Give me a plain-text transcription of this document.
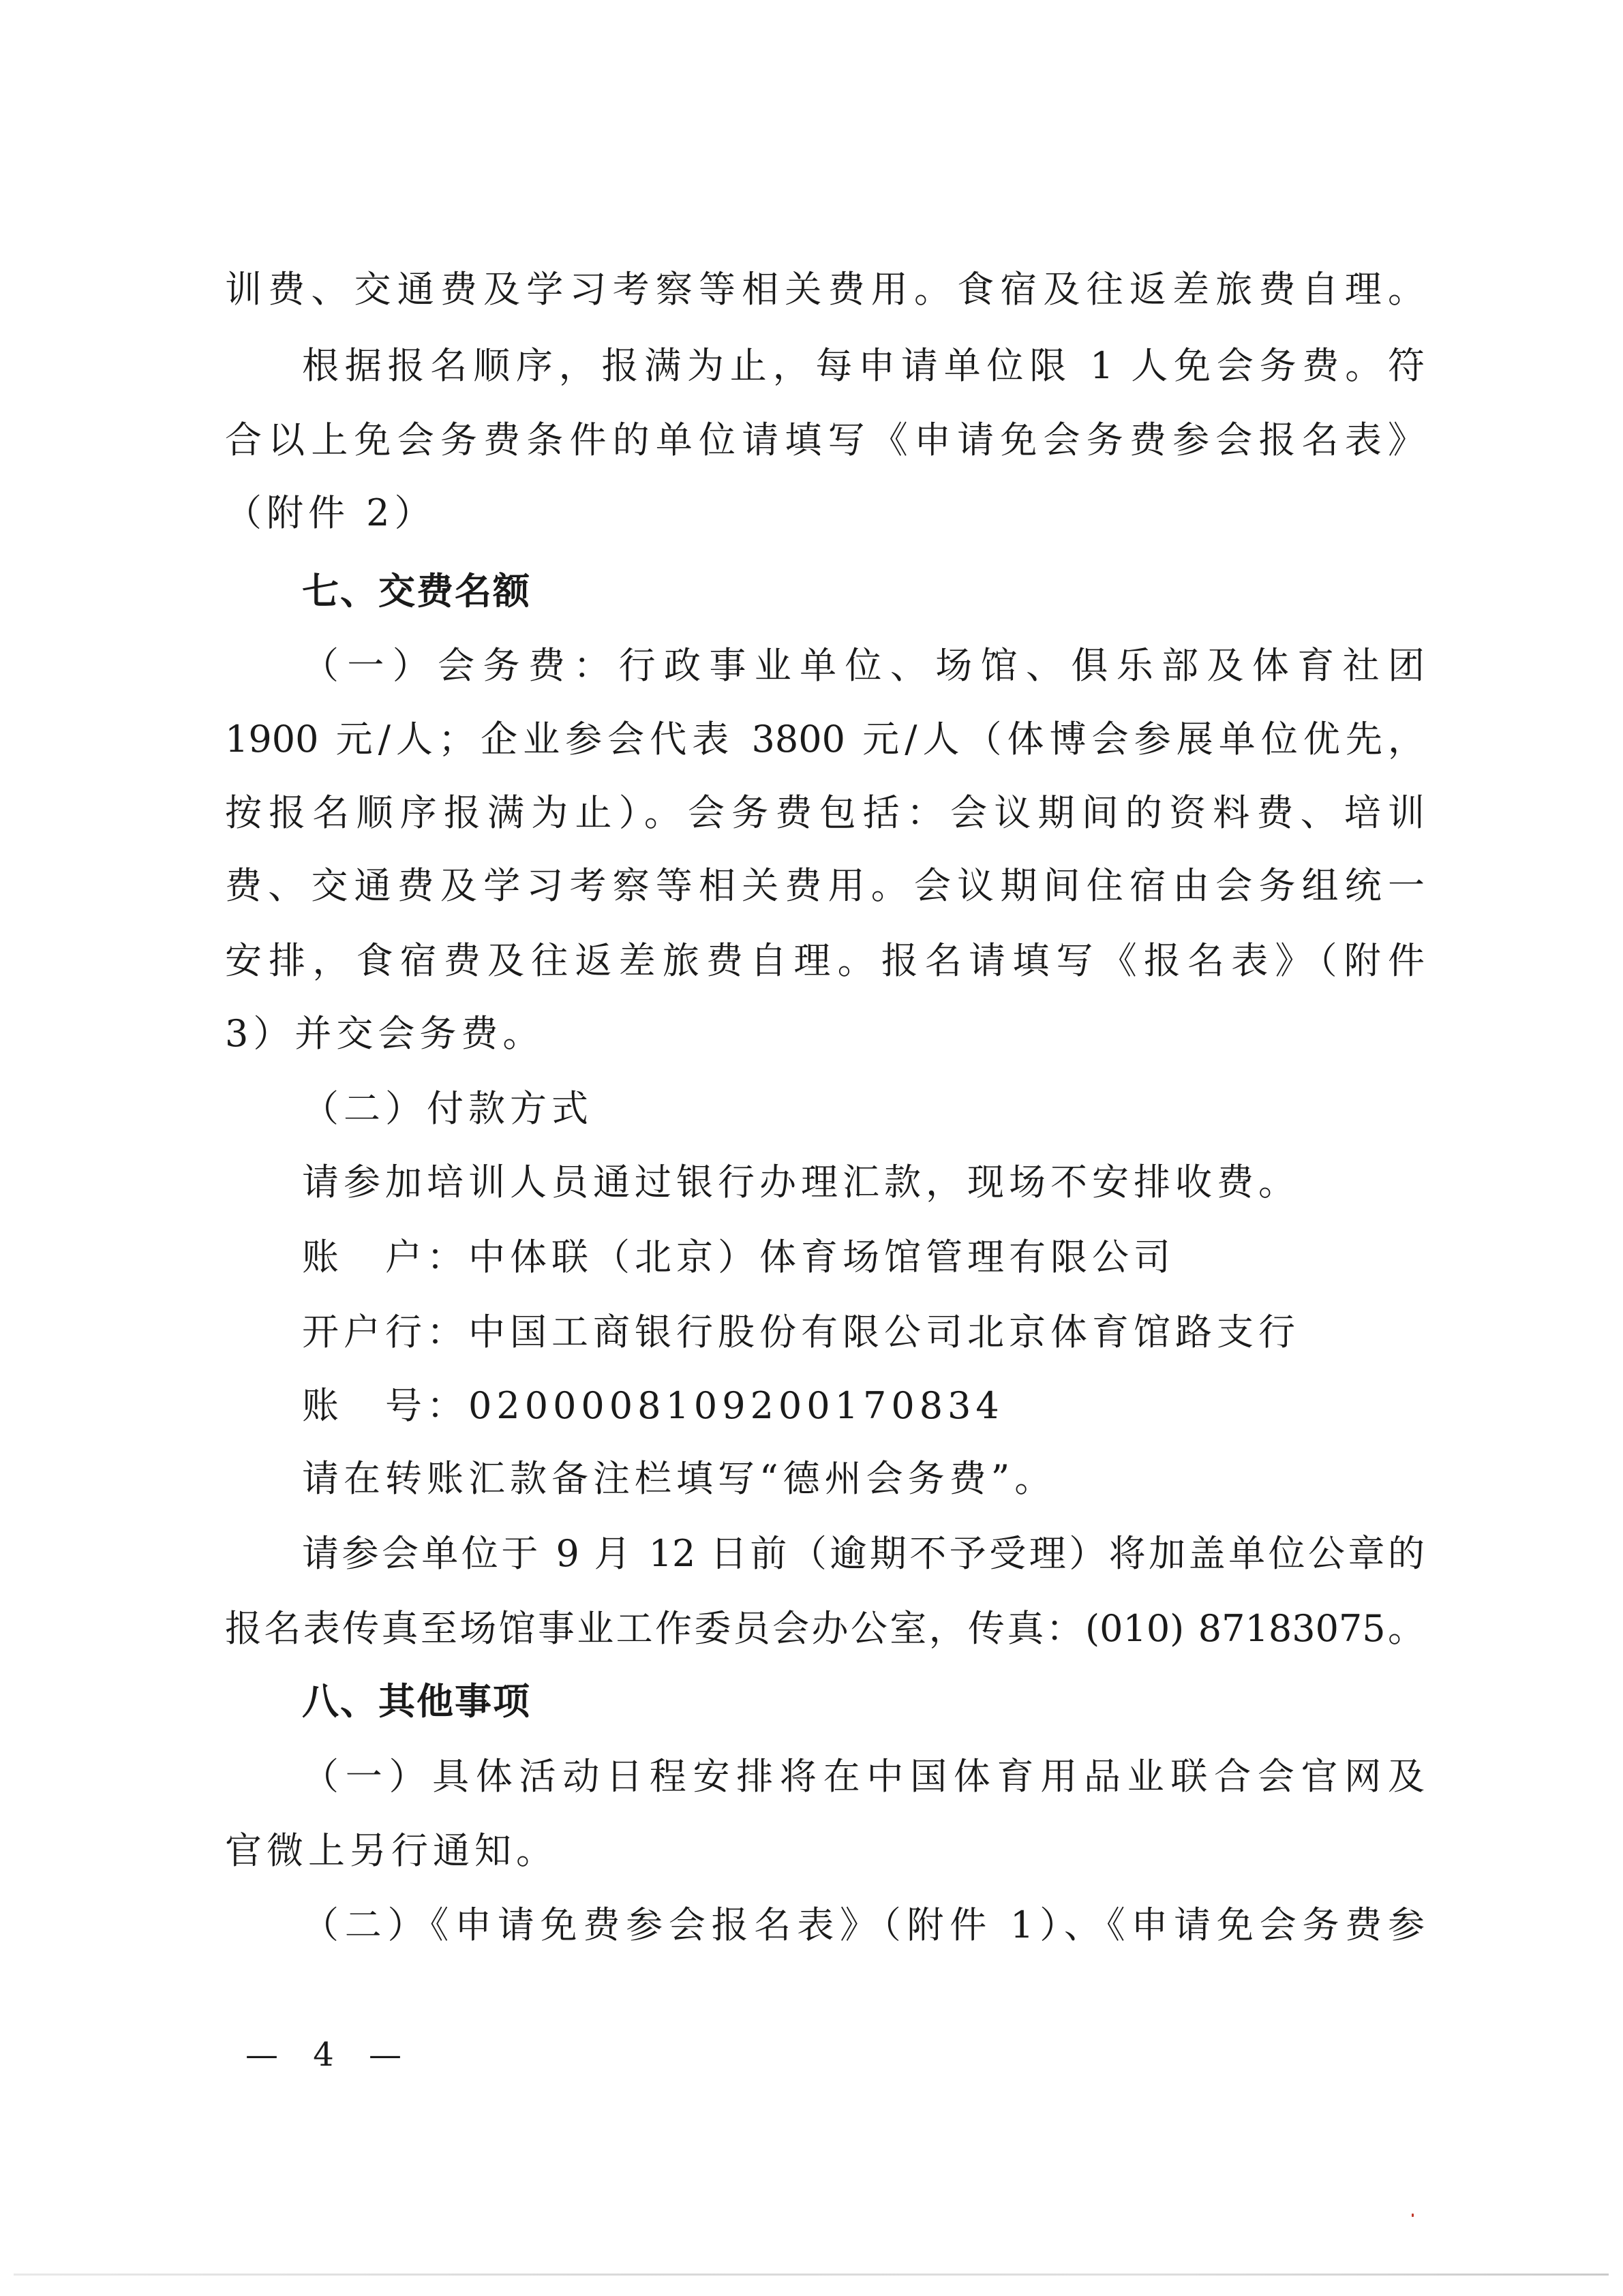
训费、交通费及学习考察等相关费用。食宿及往返差旅费自理。
根据报名顺序，报满为止，每申请单位限 1 人免会务费。符
合以上免会务费条件的单位请填写《申请免会务费参会报名表》
（附件 2）
七、交费名额
（一）会务费：行政事业单位、场馆、俱乐部及体育社团
1900 元/人；企业参会代表 3800 元/人（体博会参展单位优先，
按报名顺序报满为止）。会务费包括：会议期间的资料费、培训
费、交通费及学习考察等相关费用。会议期间住宿由会务组统一
安排，食宿费及往返差旅费自理。报名请填写《报名表》（附件
3）并交会务费。
（二）付款方式
请参加培训人员通过银行办理汇款，现场不安排收费。
账　户：中体联（北京）体育场馆管理有限公司
开户行：中国工商银行股份有限公司北京体育馆路支行
账　号：0200008109200170834
请在转账汇款备注栏填写“德州会务费”。
请参会单位于 9 月 12 日前（逾期不予受理）将加盖单位公章的
报名表传真至场馆事业工作委员会办公室，传真：(010) 87183075。
八、其他事项
（一）具体活动日程安排将在中国体育用品业联合会官网及
官微上另行通知。
（二）《申请免费参会报名表》（附件 1）、《申请免会务费参
— 4 —
